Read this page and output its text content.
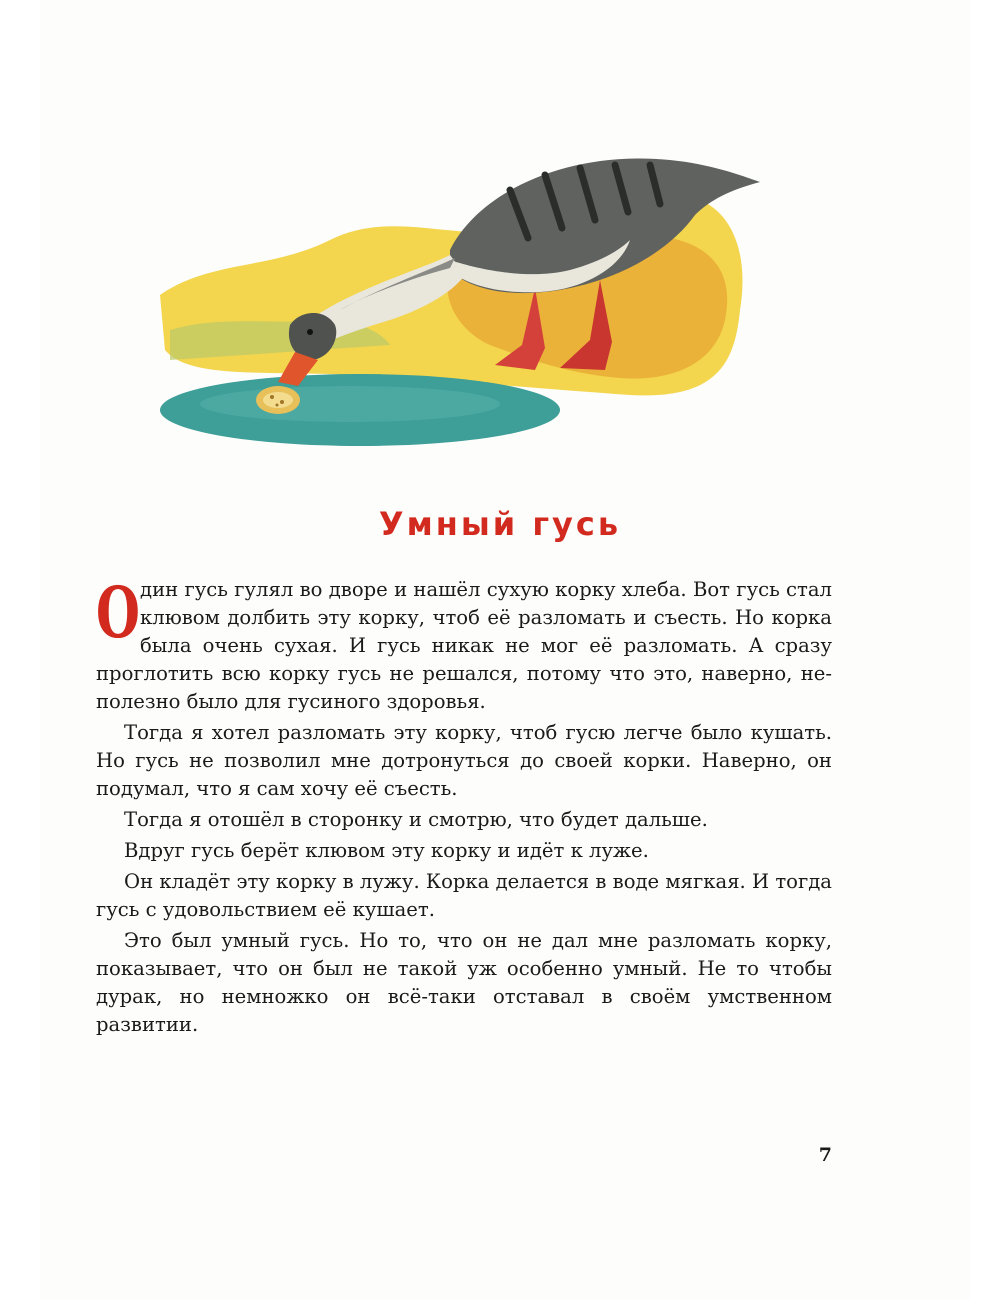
Умный гусь

Один гусь гулял во дворе и нашёл сухую корку хлеба. Вот гусь стал клювом долбить эту корку, чтоб её разломать и съесть. Но корка была очень сухая. И гусь никак не мог её разломать. А сразу проглотить всю корку гусь не решался, потому что это, наверно, неполезно было для гусиного здоровья.

Тогда я хотел разломать эту корку, чтоб гусю легче было кушать. Но гусь не позволил мне дотронуться до своей корки. Наверно, он подумал, что я сам хочу её съесть.

Тогда я отошёл в сторонку и смотрю, что будет дальше.

Вдруг гусь берёт клювом эту корку и идёт к луже.

Он кладёт эту корку в лужу. Корка делается в воде мягкая. И тогда гусь с удовольствием её кушает.

Это был умный гусь. Но то, что он не дал мне разломать корку, показывает, что он был не такой уж особенно умный. Не то чтобы дурак, но немножко он всё-таки отставал в своём умственном развитии.

7
